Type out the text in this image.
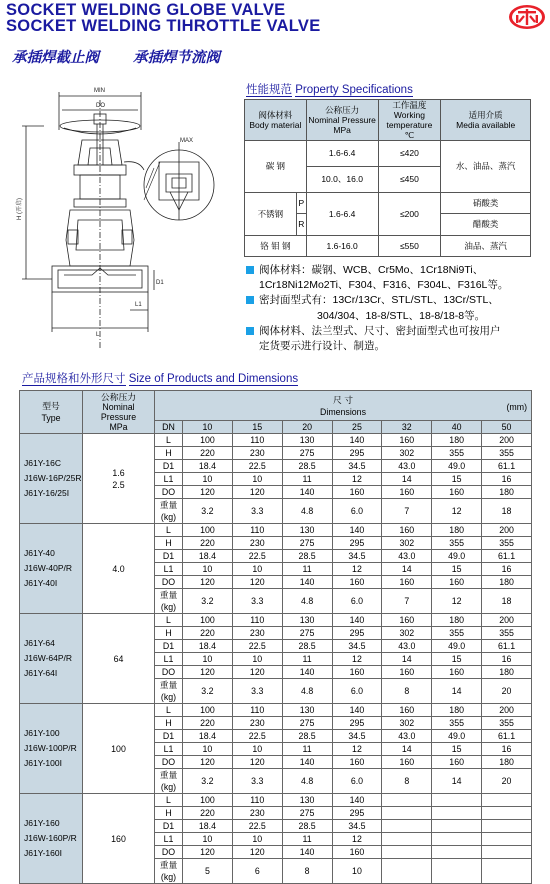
SOCKET WELDING GLOBE VALVE
SOCKET WELDING TIHROTTLE VALVE
承插焊截止阀 承插焊节流阀
MIN
DO
MAX
L
L1
D1
H (开启)
性能规范 Property Specifications
阀体材料
Body material		公称压力
Nominal Pressure
MPa	工作温度
Working temperature
℃	适用介质
Media available
碳 钢		1.6-6.4	≤420	水、油品、蒸汽
		10.0、16.0	≤450	
不锈钢	P	1.6-6.4	≤200	硝酸类
	R			醋酸类
铬 钼 钢		1.6-16.0	≤550	油品、蒸汽
阀体材料：碳钢、WCB、Cr5Mo、1Cr18Ni9Ti、
1Cr18Ni12Mo2Ti、F304、F316、F304L、F316L等。
密封面型式有：13Cr/13Cr、STL/STL、13Cr/STL、
304/304、18-8/STL、18-8/18-8等。
阀体材料、法兰型式、尺寸、密封面型式也可按用户
定货要示进行设计、制造。
产品规格和外形尺寸 Size of Products and Dimensions
型号
Type	公称压力
Nominal
Pressure
MPa	尺 寸
Dimensions (mm)							

		DN	10	15	20	25	32	40	50

J61Y-16C
J16W-16P/25R
J61Y-16/25I	1.6
2.5	L	100	110	130	140	160	180	200
		H	220	230	275	295	302	355	355
		D1	18.4	22.5	28.5	34.5	43.0	49.0	61.1
		L1	10	10	11	12	14	15	16
		DO	120	120	140	160	160	160	180
		重量(kg)	3.2	3.3	4.8	6.0	7	12	18

J61Y-40
J16W-40P/R
J61Y-40I	4.0	L	100	110	130	140	160	180	200
		H	220	230	275	295	302	355	355
		D1	18.4	22.5	28.5	34.5	43.0	49.0	61.1
		L1	10	10	11	12	14	15	16
		DO	120	120	140	160	160	160	180
		重量(kg)	3.2	3.3	4.8	6.0	7	12	18

J61Y-64
J16W-64P/R
J61Y-64I	64	L	100	110	130	140	160	180	200
		H	220	230	275	295	302	355	355
		D1	18.4	22.5	28.5	34.5	43.0	49.0	61.1
		L1	10	10	11	12	14	15	16
		DO	120	120	140	160	160	160	180
		重量(kg)	3.2	3.3	4.8	6.0	8	14	20

J61Y-100
J16W-100P/R
J61Y-100I	100	L	100	110	130	140	160	180	200
		H	220	230	275	295	302	355	355
		D1	18.4	22.5	28.5	34.5	43.0	49.0	61.1
		L1	10	10	11	12	14	15	16
		DO	120	120	140	160	160	160	180
		重量(kg)	3.2	3.3	4.8	6.0	8	14	20

J61Y-160
J16W-160P/R
J61Y-160I	160	L	100	110	130	140			
		H	220	230	275	295			
		D1	18.4	22.5	28.5	34.5			
		L1	10	10	11	12			
		DO	120	120	140	160			
		重量(kg)	5	6	8	10			
